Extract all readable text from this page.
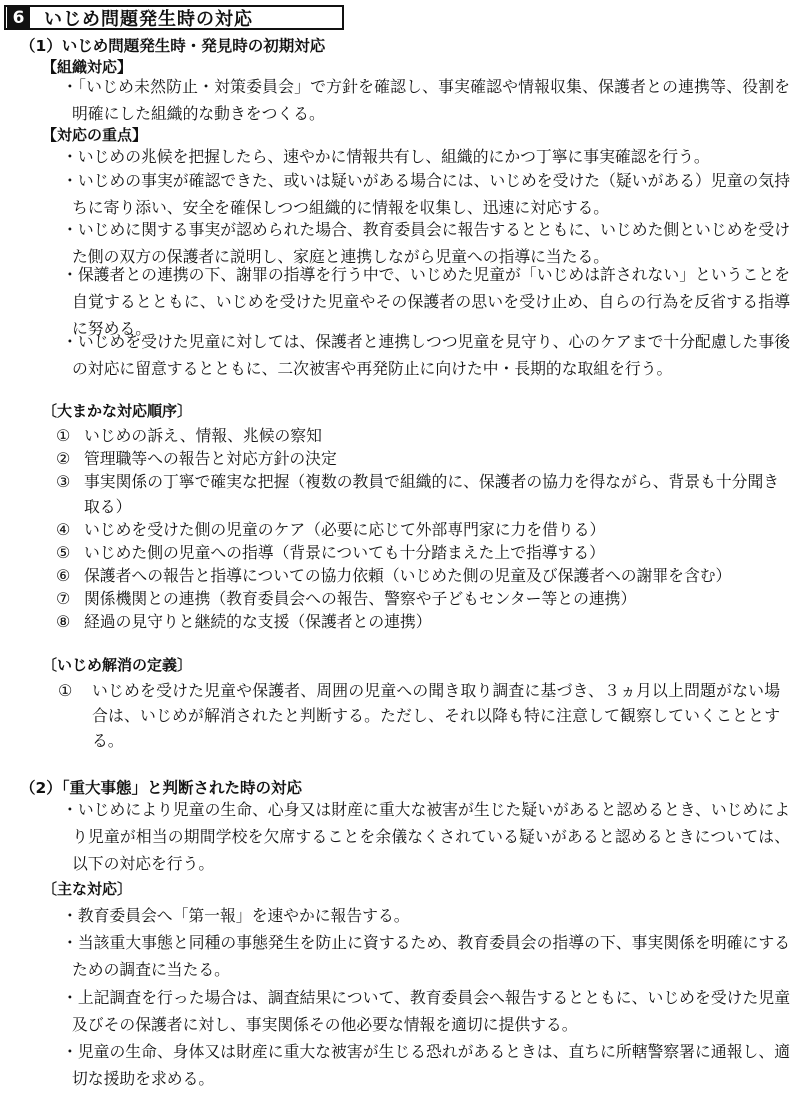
6	いじめ問題発生時の対応
（1）いじめ問題発生時・発見時の初期対応
【組織対応】

・「いじめ未然防止・対策委員会」で方針を確認し、事実確認や情報収集、保護者との連携等、役割を明確にした組織的な動きをつくる。

【対応の重点】

・いじめの兆候を把握したら、速やかに情報共有し、組織的にかつ丁寧に事実確認を行う。

・いじめの事実が確認できた、或いは疑いがある場合には、いじめを受けた（疑いがある）児童の気持ちに寄り添い、安全を確保しつつ組織的に情報を収集し、迅速に対応する。

・いじめに関する事実が認められた場合、教育委員会に報告するとともに、いじめた側といじめを受けた側の双方の保護者に説明し、家庭と連携しながら児童への指導に当たる。

・保護者との連携の下、謝罪の指導を行う中で、いじめた児童が「いじめは許されない」ということを自覚するとともに、いじめを受けた児童やその保護者の思いを受け止め、自らの行為を反省する指導に努める。

・いじめを受けた児童に対しては、保護者と連携しつつ児童を見守り、心のケアまで十分配慮した事後の対応に留意するとともに、二次被害や再発防止に向けた中・長期的な取組を行う。

〔大まかな対応順序〕
① いじめの訴え、情報、兆候の察知
② 管理職等への報告と対応方針の決定
③ 事実関係の丁寧で確実な把握（複数の教員で組織的に、保護者の協力を得ながら、背景も十分聞き取る）
④ いじめを受けた側の児童のケア（必要に応じて外部専門家に力を借りる）
⑤ いじめた側の児童への指導（背景についても十分踏まえた上で指導する）
⑥ 保護者への報告と指導についての協力依頼（いじめた側の児童及び保護者への謝罪を含む）
⑦ 関係機関との連携（教育委員会への報告、警察や子どもセンター等との連携）
⑧ 経過の見守りと継続的な支援（保護者との連携）
〔いじめ解消の定義〕
① いじめを受けた児童や保護者、周囲の児童への聞き取り調査に基づき、３ヵ月以上問題がない場合は、いじめが解消されたと判断する。ただし、それ以降も特に注意して観察していくこととする。
（2）「重大事態」と判断された時の対応

・いじめにより児童の生命、心身又は財産に重大な被害が生じた疑いがあると認めるとき、いじめにより児童が相当の期間学校を欠席することを余儀なくされている疑いがあると認めるときについては、以下の対応を行う。

〔主な対応〕

・教育委員会へ「第一報」を速やかに報告する。

・当該重大事態と同種の事態発生を防止に資するため、教育委員会の指導の下、事実関係を明確にするための調査に当たる。

・上記調査を行った場合は、調査結果について、教育委員会へ報告するとともに、いじめを受けた児童及びその保護者に対し、事実関係その他必要な情報を適切に提供する。

・児童の生命、身体又は財産に重大な被害が生じる恐れがあるときは、直ちに所轄警察署に通報し、適切な援助を求める。
